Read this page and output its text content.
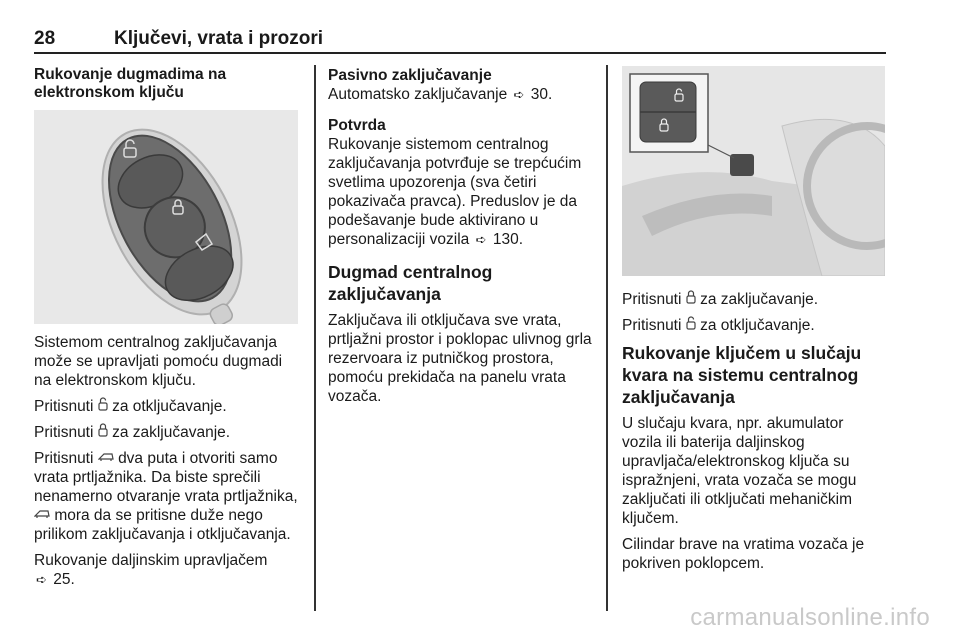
28	Ključevi, vrata i prozori
Rukovanje dugmadima na elektronskom ključu

Sistemom centralnog zaključavanja može se upravljati pomoću dugmadi na elektronskom ključu.

Pritisnuti za otključavanje.

Pritisnuti za zaključavanje.

Pritisnuti dva puta i otvoriti samo vrata prtljažnika. Da biste sprečili nenamerno otvaranje vrata prtljažnika,  mora da se pritisne duže nego prilikom zaključavanja i otključavanja.

Rukovanje daljinskim upravljačem
➪ 25.

Pasivno zaključavanje

Automatsko zaključavanje ➪ 30.

Potvrda

Rukovanje sistemom centralnog zaključavanja potvrđuje se trepćućim svetlima upozorenja (sva četiri pokazivača pravca). Preduslov je da podešavanje bude aktivirano u personalizaciji vozila ➪ 130.

Dugmad centralnog zaključavanja

Zaključava ili otključava sve vrata, prtljažni prostor i poklopac ulivnog grla rezervoara iz putničkog prostora, pomoću prekidača na panelu vrata vozača.

Pritisnuti za zaključavanje.

Pritisnuti za otključavanje.

Rukovanje ključem u slučaju kvara na sistemu centralnog zaključavanja

U slučaju kvara, npr. akumulator vozila ili baterija daljinskog upravljača/elektronskog ključa su ispražnjeni, vrata vozača se mogu zaključati ili otključati mehaničkim ključem.

Cilindar brave na vratima vozača je pokriven poklopcem.

carmanualsonline.info
